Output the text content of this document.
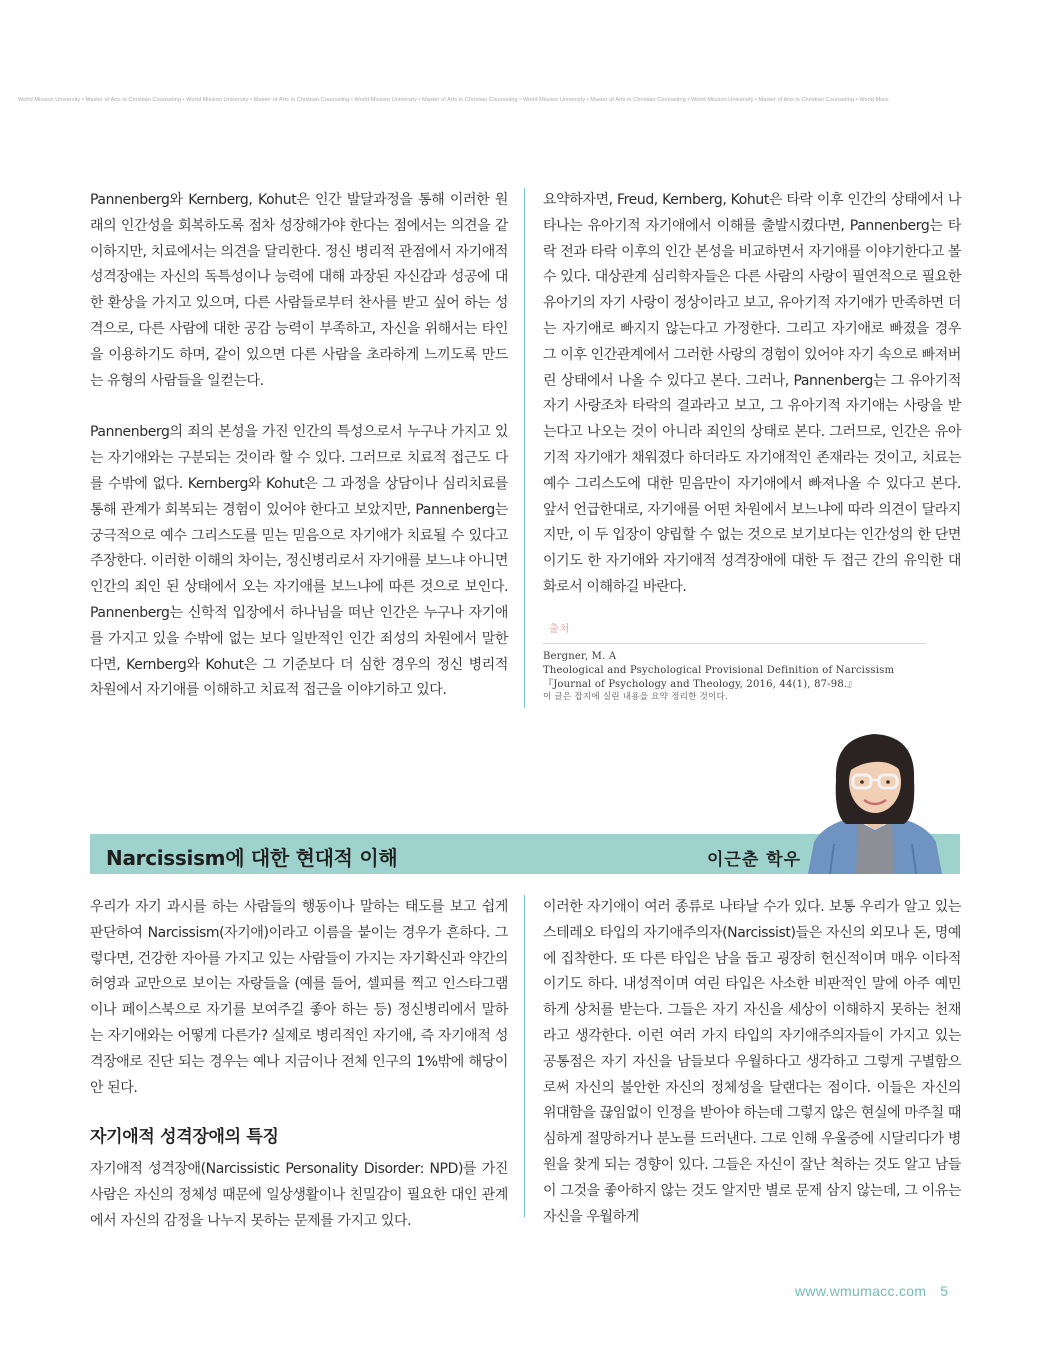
World Mission University • Master of Arts in Christian Counseling • World Mission University • Master of Arts in Christian Counseling • World Mission University • Master of Arts in Christian Counseling • World Mission University • Master of Arts in Christian Counseling • World Mission University • Master of Arts in Christian Counseling • World Missi

Pannenberg와 Kernberg, Kohut은 인간 발달과정을 통해 이러한 원래의 인간성을 회복하도록 점차 성장해가야 한다는 점에서는 의견을 같이하지만, 치료에서는 의견을 달리한다. 정신 병리적 관점에서 자기애적 성격장애는 자신의 독특성이나 능력에 대해 과장된 자신감과 성공에 대한 환상을 가지고 있으며, 다른 사람들로부터 찬사를 받고 싶어 하는 성격으로, 다른 사람에 대한 공감 능력이 부족하고, 자신을 위해서는 타인을 이용하기도 하며, 같이 있으면 다른 사람을 초라하게 느끼도록 만드는 유형의 사람들을 일컫는다.

Pannenberg의 죄의 본성을 가진 인간의 특성으로서 누구나 가지고 있는 자기애와는 구분되는 것이라 할 수 있다. 그러므로 치료적 접근도 다를 수밖에 없다. Kernberg와 Kohut은 그 과정을 상담이나 심리치료를 통해 관계가 회복되는 경험이 있어야 한다고 보았지만, Pannenberg는 궁극적으로 예수 그리스도를 믿는 믿음으로 자기애가 치료될 수 있다고 주장한다. 이러한 이해의 차이는, 정신병리로서 자기애를 보느냐 아니면 인간의 죄인 된 상태에서 오는 자기애를 보느냐에 따른 것으로 보인다. Pannenberg는 신학적 입장에서 하나님을 떠난 인간은 누구나 자기애를 가지고 있을 수밖에 없는 보다 일반적인 인간 죄성의 차원에서 말한다면, Kernberg와 Kohut은 그 기준보다 더 심한 경우의 정신 병리적 차원에서 자기애를 이해하고 치료적 접근을 이야기하고 있다.

요약하자면, Freud, Kernberg, Kohut은 타락 이후 인간의 상태에서 나타나는 유아기적 자기애에서 이해를 출발시켰다면, Pannenberg는 타락 전과 타락 이후의 인간 본성을 비교하면서 자기애를 이야기한다고 볼 수 있다. 대상관계 심리학자들은 다른 사람의 사랑이 필연적으로 필요한 유아기의 자기 사랑이 정상이라고 보고, 유아기적 자기애가 만족하면 더는 자기애로 빠지지 않는다고 가정한다. 그리고 자기애로 빠졌을 경우 그 이후 인간관계에서 그러한 사랑의 경험이 있어야 자기 속으로 빠져버린 상태에서 나올 수 있다고 본다. 그러나, Pannenberg는 그 유아기적 자기 사랑조차 타락의 결과라고 보고, 그 유아기적 자기애는 사랑을 받는다고 나오는 것이 아니라 죄인의 상태로 본다. 그러므로, 인간은 유아기적 자기애가 채워졌다 하더라도 자기애적인 존재라는 것이고, 치료는 예수 그리스도에 대한 믿음만이 자기애에서 빠져나올 수 있다고 본다. 앞서 언급한대로, 자기애를 어떤 차원에서 보느냐에 따라 의견이 달라지지만, 이 두 입장이 양립할 수 없는 것으로 보기보다는 인간성의 한 단면이기도 한 자기애와 자기애적 성격장애에 대한 두 접근 간의 유익한 대화로서 이해하길 바란다.

출처
Bergner, M. A
Theological and Psychological Provisional Definition of Narcissism
『Journal of Psychology and Theology, 2016, 44(1), 87-98.』
이 글은 잡지에 실린 내용을 요약 정리한 것이다.
Narcissism에 대한 현대적 이해	이근춘 학우

우리가 자기 과시를 하는 사람들의 행동이나 말하는 태도를 보고 쉽게 판단하여 Narcissism(자기애)이라고 이름을 붙이는 경우가 흔하다. 그렇다면, 건강한 자아를 가지고 있는 사람들이 가지는 자기확신과 약간의 허영과 교만으로 보이는 자랑들을 (예를 들어, 셀피를 찍고 인스타그램이나 페이스북으로 자기를 보여주길 좋아 하는 등) 정신병리에서 말하는 자기애와는 어떻게 다른가? 실제로 병리적인 자기애, 즉 자기애적 성격장애로 진단 되는 경우는 예나 지금이나 전체 인구의 1%밖에 해당이 안 된다.

자기애적 성격장애의 특징

자기애적 성격장애(Narcissistic Personality Disorder: NPD)를 가진 사람은 자신의 정체성 때문에 일상생활이나 친밀감이 필요한 대인 관계에서 자신의 감정을 나누지 못하는 문제를 가지고 있다.

이러한 자기애이 여러 종류로 나타날 수가 있다. 보통 우리가 알고 있는 스테레오 타입의 자기애주의자(Narcissist)들은 자신의 외모나 돈, 명예에 집착한다. 또 다른 타입은 남을 돕고 굉장히 헌신적이며 매우 이타적이기도 하다. 내성적이며 여린 타입은 사소한 비판적인 말에 아주 예민하게 상처를 받는다. 그들은 자기 자신을 세상이 이해하지 못하는 천재라고 생각한다. 이런 여러 가지 타입의 자기애주의자들이 가지고 있는 공통점은 자기 자신을 남들보다 우월하다고 생각하고 그렇게 구별함으로써 자신의 불안한 자신의 정체성을 달랜다는 점이다. 이들은 자신의 위대함을 끊임없이 인정을 받아야 하는데 그렇지 않은 현실에 마주칠 때 심하게 절망하거나 분노를 드러낸다. 그로 인해 우울증에 시달리다가 병원을 찾게 되는 경향이 있다. 그들은 자신이 잘난 척하는 것도 알고 남들이 그것을 좋아하지 않는 것도 알지만 별로 문제 삼지 않는데, 그 이유는 자신을 우월하게

www.wmumacc.com 5
